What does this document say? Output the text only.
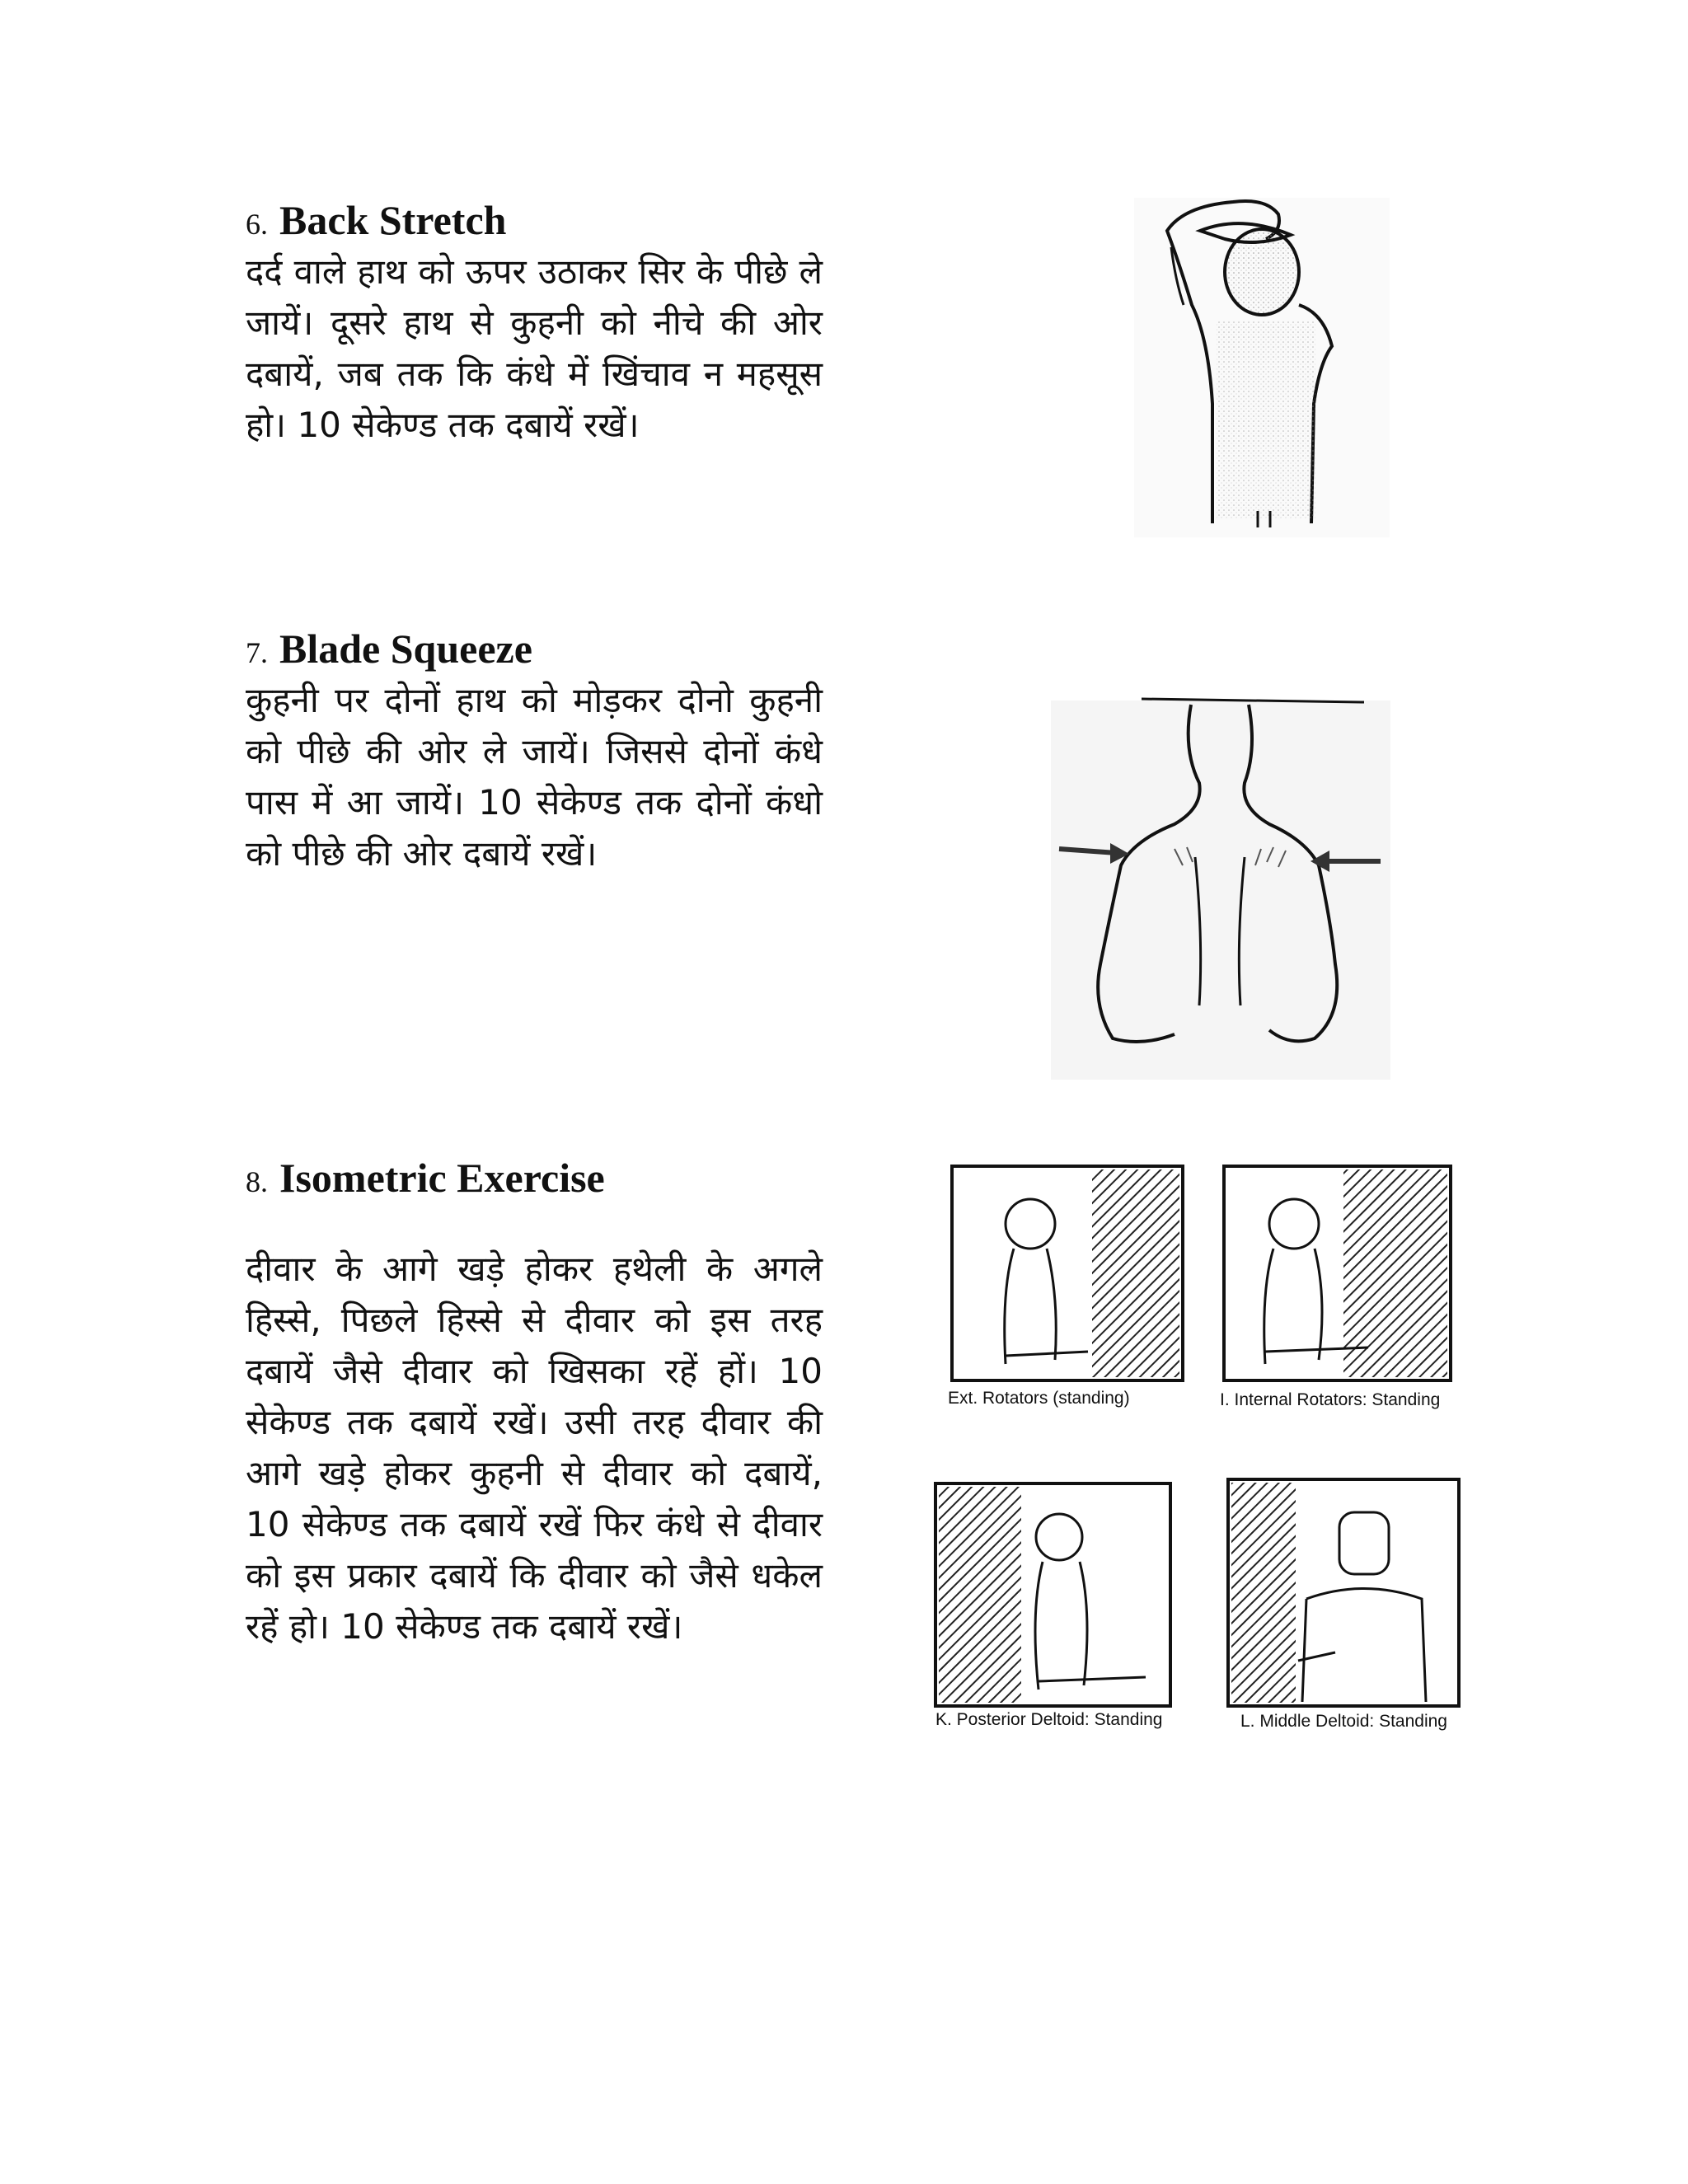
6. Back Stretch

दर्द वाले हाथ को ऊपर उठाकर सिर के पीछे ले जायें। दूसरे हाथ से कुहनी को नीचे की ओर दबायें, जब तक कि कंधे में खिंचाव न महसूस हो। 10 सेकेण्ड तक दबायें रखें।

7. Blade Squeeze

कुहनी पर दोनों हाथ को मोड़कर दोनो कुहनी को पीछे की ओर ले जायें। जिससे दोनों कंधे पास में आ जायें। 10 सेकेण्ड तक दोनों कंधो को पीछे की ओर दबायें रखें।

8. Isometric Exercise

दीवार के आगे खड़े होकर हथेली के अगले हिस्से, पिछले हिस्से से दीवार को इस तरह दबायें जैसे दीवार को खिसका रहें हों। 10 सेकेण्ड तक दबायें रखें। उसी तरह दीवार की आगे खड़े होकर कुहनी से दीवार को दबायें, 10 सेकेण्ड तक दबायें रखें फिर कंधे से दीवार को इस प्रकार दबायें कि दीवार को जैसे धकेल रहें हो। 10 सेकेण्ड तक दबायें रखें।

Ext. Rotators (standing)	I. Internal Rotators: Standing
K. Posterior Deltoid: Standing	L. Middle Deltoid: Standing
